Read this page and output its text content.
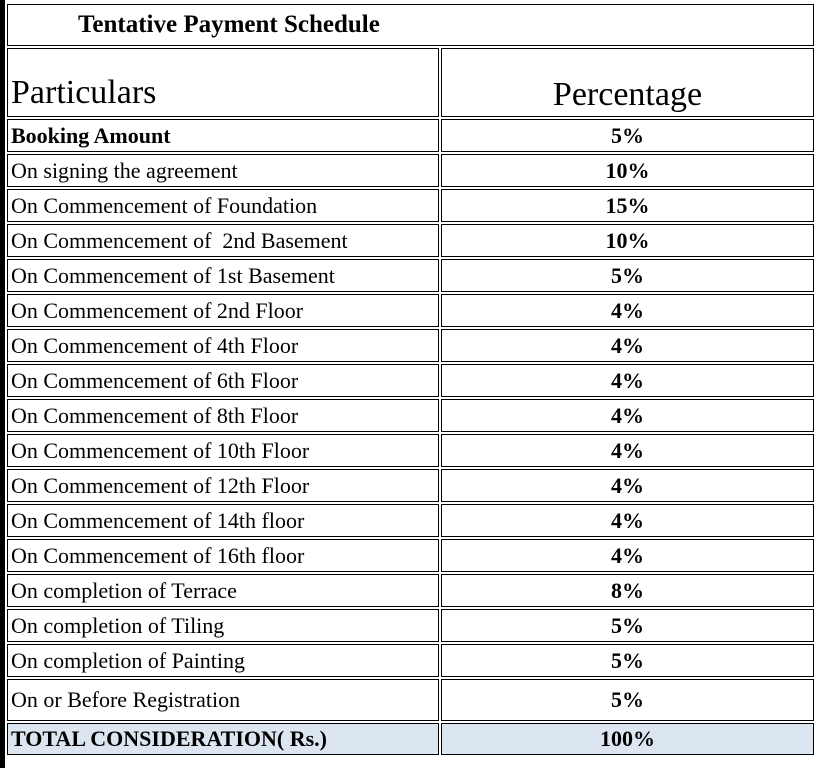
Tentative Payment Schedule	
Particulars	Percentage
Booking Amount	5%
On signing the agreement	10%
On Commencement of Foundation	15%
On Commencement of  2nd Basement	10%
On Commencement of 1st Basement	5%
On Commencement of 2nd Floor	4%
On Commencement of 4th Floor	4%
On Commencement of 6th Floor	4%
On Commencement of 8th Floor	4%
On Commencement of 10th Floor	4%
On Commencement of 12th Floor	4%
On Commencement of 14th floor	4%
On Commencement of 16th floor	4%
On completion of Terrace	8%
On completion of Tiling	5%
On completion of Painting	5%
On or Before Registration	5%
TOTAL CONSIDERATION( Rs.)	100%
